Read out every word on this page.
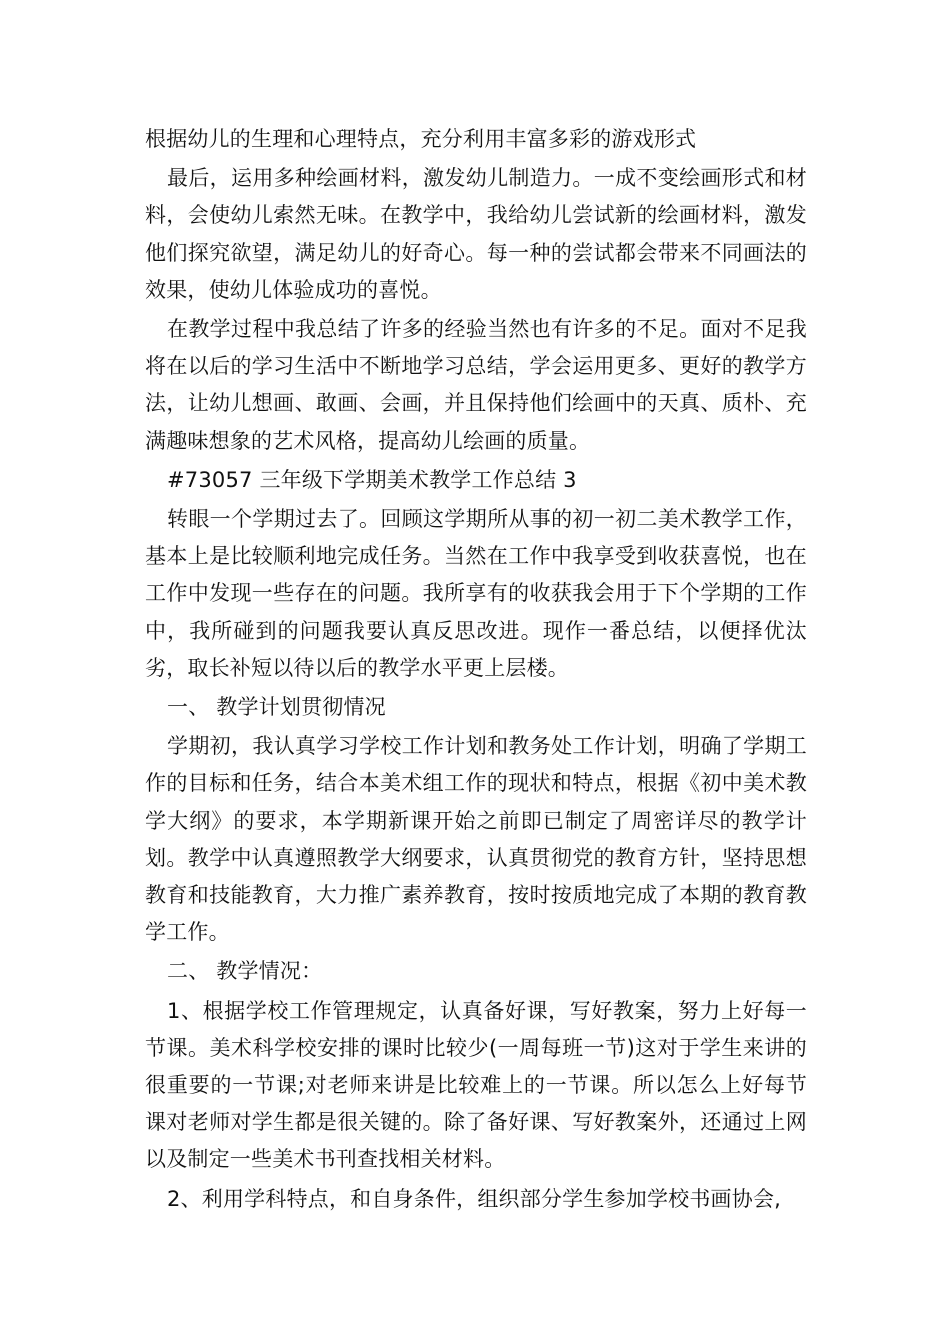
根据幼儿的生理和心理特点，充分利用丰富多彩的游戏形式

最后，运用多种绘画材料，激发幼儿制造力。一成不变绘画形式和材料，会使幼儿索然无味。在教学中，我给幼儿尝试新的绘画材料，激发他们探究欲望，满足幼儿的好奇心。每一种的尝试都会带来不同画法的效果，使幼儿体验成功的喜悦。

在教学过程中我总结了许多的经验当然也有许多的不足。面对不足我将在以后的学习生活中不断地学习总结，学会运用更多、更好的教学方法，让幼儿想画、敢画、会画，并且保持他们绘画中的天真、质朴、充满趣味想象的艺术风格，提高幼儿绘画的质量。

#73057 三年级下学期美术教学工作总结 3

转眼一个学期过去了。回顾这学期所从事的初一初二美术教学工作，基本上是比较顺利地完成任务。当然在工作中我享受到收获喜悦，也在工作中发现一些存在的问题。我所享有的收获我会用于下个学期的工作中，我所碰到的问题我要认真反思改进。现作一番总结，以便择优汰劣，取长补短以待以后的教学水平更上层楼。

一、 教学计划贯彻情况

学期初，我认真学习学校工作计划和教务处工作计划，明确了学期工作的目标和任务，结合本美术组工作的现状和特点，根据《初中美术教学大纲》的要求，本学期新课开始之前即已制定了周密详尽的教学计划。教学中认真遵照教学大纲要求，认真贯彻党的教育方针，坚持思想教育和技能教育，大力推广素养教育，按时按质地完成了本期的教育教学工作。

二、 教学情况：

1、根据学校工作管理规定，认真备好课，写好教案，努力上好每一节课。美术科学校安排的课时比较少(一周每班一节)这对于学生来讲的很重要的一节课;对老师来讲是比较难上的一节课。所以怎么上好每节课对老师对学生都是很关键的。除了备好课、写好教案外，还通过上网以及制定一些美术书刊查找相关材料。

2、利用学科特点，和自身条件，组织部分学生参加学校书画协会,
